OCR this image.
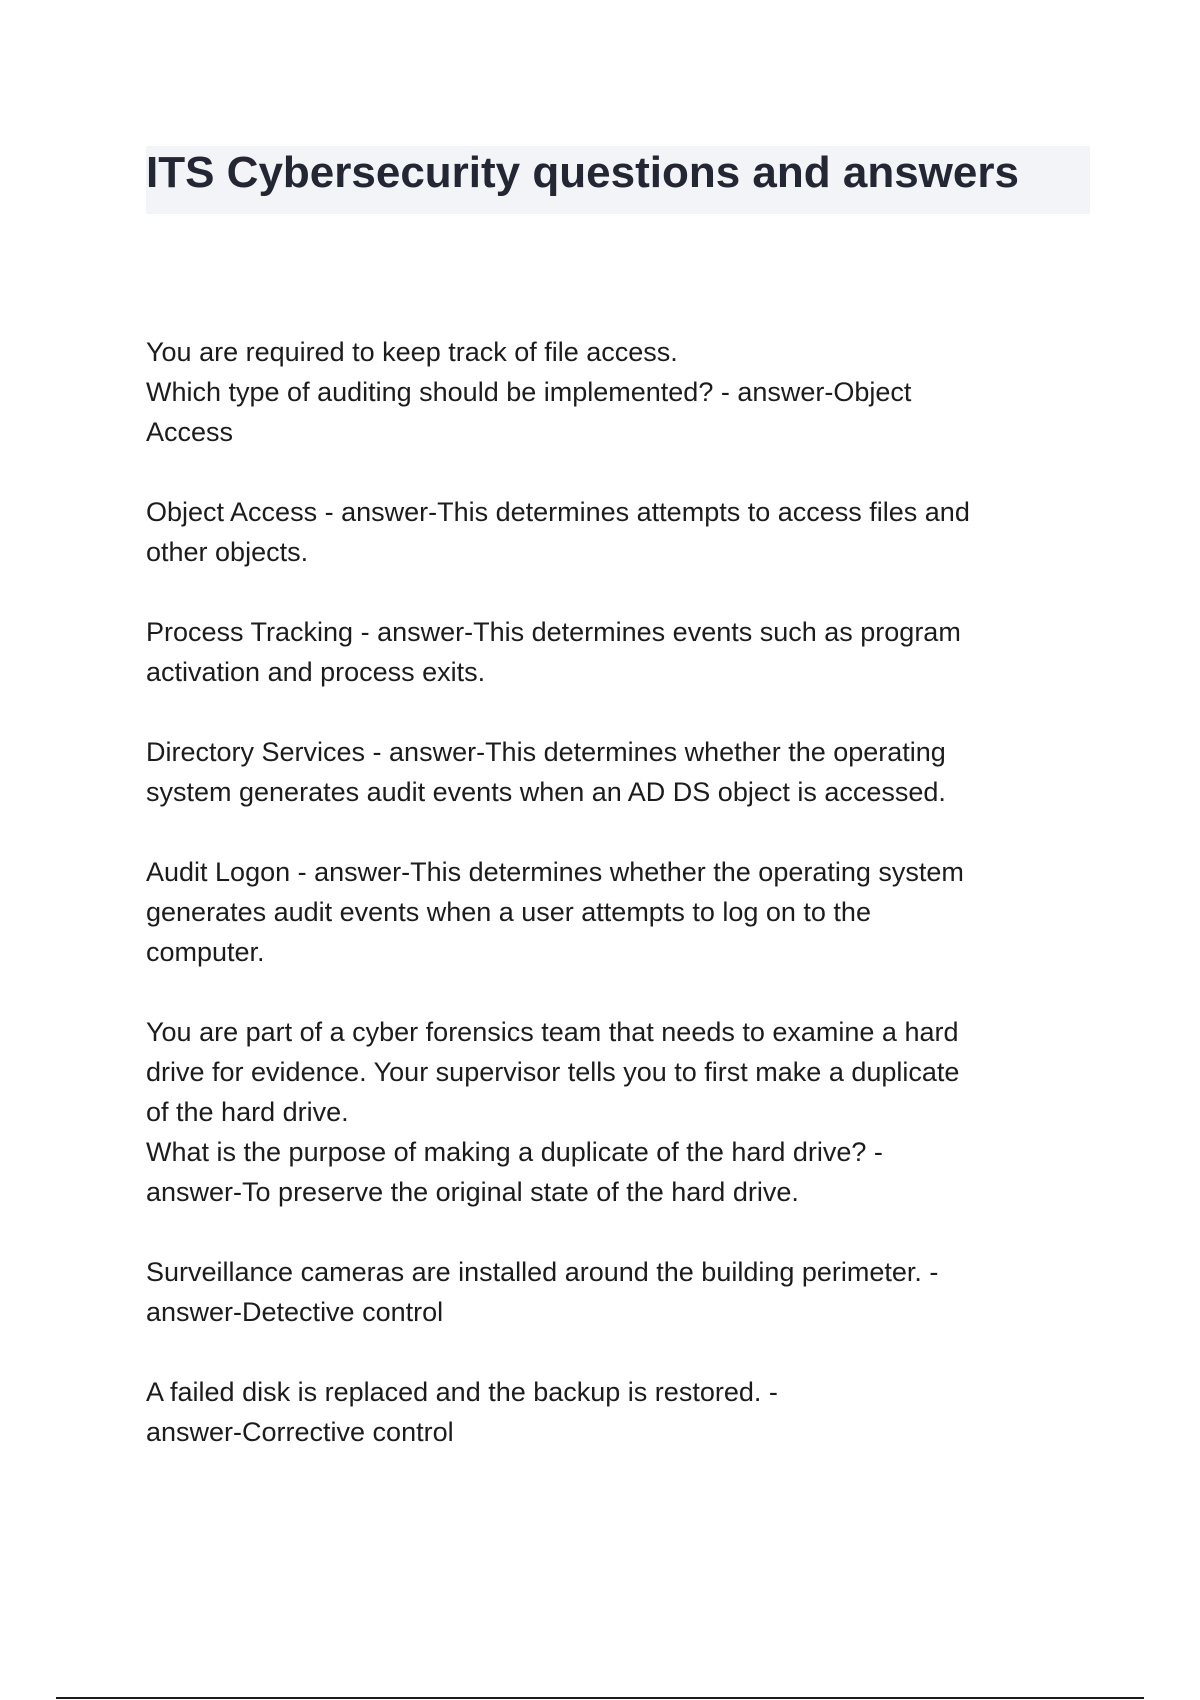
ITS Cybersecurity questions and answers

You are required to keep track of file access.
Which type of auditing should be implemented? - answer-Object
Access

Object Access - answer-This determines attempts to access files and
other objects.

Process Tracking - answer-This determines events such as program
activation and process exits.

Directory Services - answer-This determines whether the operating
system generates audit events when an AD DS object is accessed.

Audit Logon - answer-This determines whether the operating system
generates audit events when a user attempts to log on to the
computer.

You are part of a cyber forensics team that needs to examine a hard
drive for evidence. Your supervisor tells you to first make a duplicate
of the hard drive.
What is the purpose of making a duplicate of the hard drive? -
answer-To preserve the original state of the hard drive.

Surveillance cameras are installed around the building perimeter. -
answer-Detective control

A failed disk is replaced and the backup is restored. -
answer-Corrective control
